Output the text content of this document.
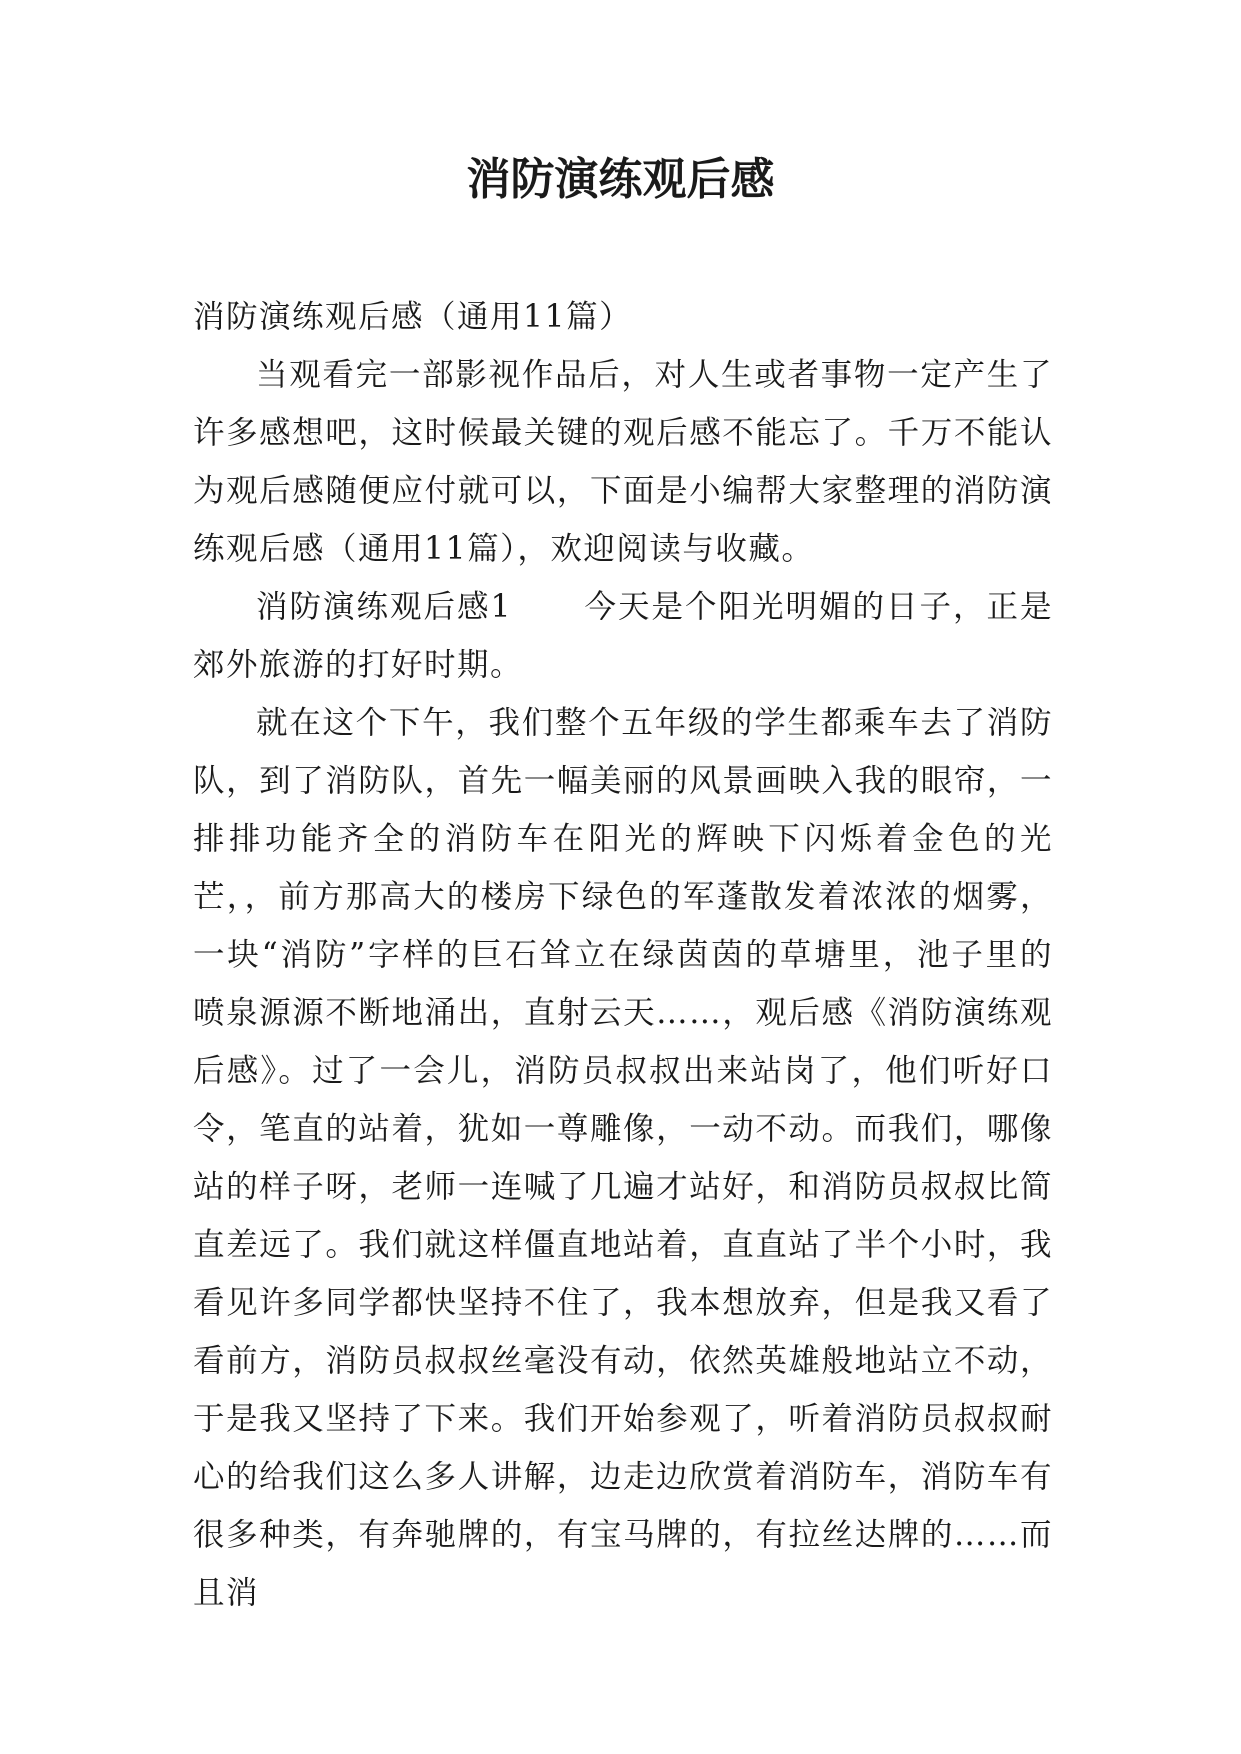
消防演练观后感

消防演练观后感（通用11篇）

当观看完一部影视作品后，对人生或者事物一定产生了许多感想吧，这时候最关键的观后感不能忘了。千万不能认为观后感随便应付就可以，下面是小编帮大家整理的消防演练观后感（通用11篇），欢迎阅读与收藏。

消防演练观后感1 今天是个阳光明媚的日子，正是郊外旅游的打好时期。

就在这个下午，我们整个五年级的学生都乘车去了消防队，到了消防队，首先一幅美丽的风景画映入我的眼帘，一排排功能齐全的消防车在阳光的辉映下闪烁着金色的光芒，，前方那高大的楼房下绿色的军蓬散发着浓浓的烟雾，一块“消防”字样的巨石耸立在绿茵茵的草塘里，池子里的喷泉源源不断地涌出，直射云天……，观后感《消防演练观后感》。过了一会儿，消防员叔叔出来站岗了，他们听好口令，笔直的站着，犹如一尊雕像，一动不动。而我们，哪像站的样子呀，老师一连喊了几遍才站好，和消防员叔叔比简直差远了。我们就这样僵直地站着，直直站了半个小时，我看见许多同学都快坚持不住了，我本想放弃，但是我又看了看前方，消防员叔叔丝毫没有动，依然英雄般地站立不动，于是我又坚持了下来。我们开始参观了，听着消防员叔叔耐心的给我们这么多人讲解，边走边欣赏着消防车，消防车有很多种类，有奔驰牌的，有宝马牌的，有拉丝达牌的……而且消
